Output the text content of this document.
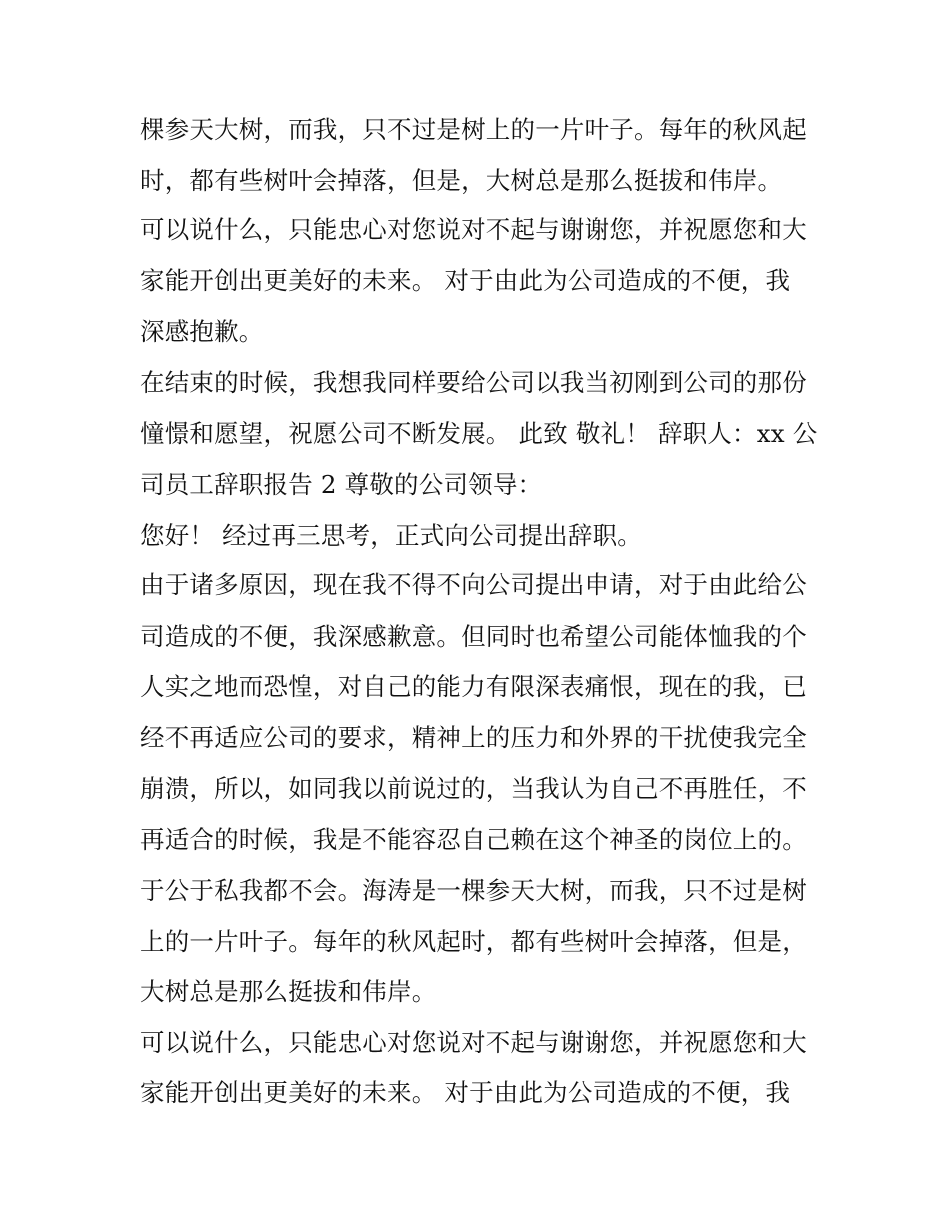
棵参天大树，而我，只不过是树上的一片叶子。每年的秋风起
时，都有些树叶会掉落，但是，大树总是那么挺拔和伟岸。
可以说什么，只能忠心对您说对不起与谢谢您，并祝愿您和大
家能开创出更美好的未来。 对于由此为公司造成的不便，我
深感抱歉。
在结束的时候，我想我同样要给公司以我当初刚到公司的那份
憧憬和愿望，祝愿公司不断发展。 此致 敬礼！ 辞职人：xx 公
司员工辞职报告 2 尊敬的公司领导：
您好！ 经过再三思考，正式向公司提出辞职。
由于诸多原因，现在我不得不向公司提出申请，对于由此给公
司造成的不便，我深感歉意。但同时也希望公司能体恤我的个
人实之地而恐惶，对自己的能力有限深表痛恨，现在的我，已
经不再适应公司的要求，精神上的压力和外界的干扰使我完全
崩溃，所以，如同我以前说过的，当我认为自己不再胜任，不
再适合的时候，我是不能容忍自己赖在这个神圣的岗位上的。
于公于私我都不会。海涛是一棵参天大树，而我，只不过是树
上的一片叶子。每年的秋风起时，都有些树叶会掉落，但是，
大树总是那么挺拔和伟岸。
可以说什么，只能忠心对您说对不起与谢谢您，并祝愿您和大
家能开创出更美好的未来。 对于由此为公司造成的不便，我
